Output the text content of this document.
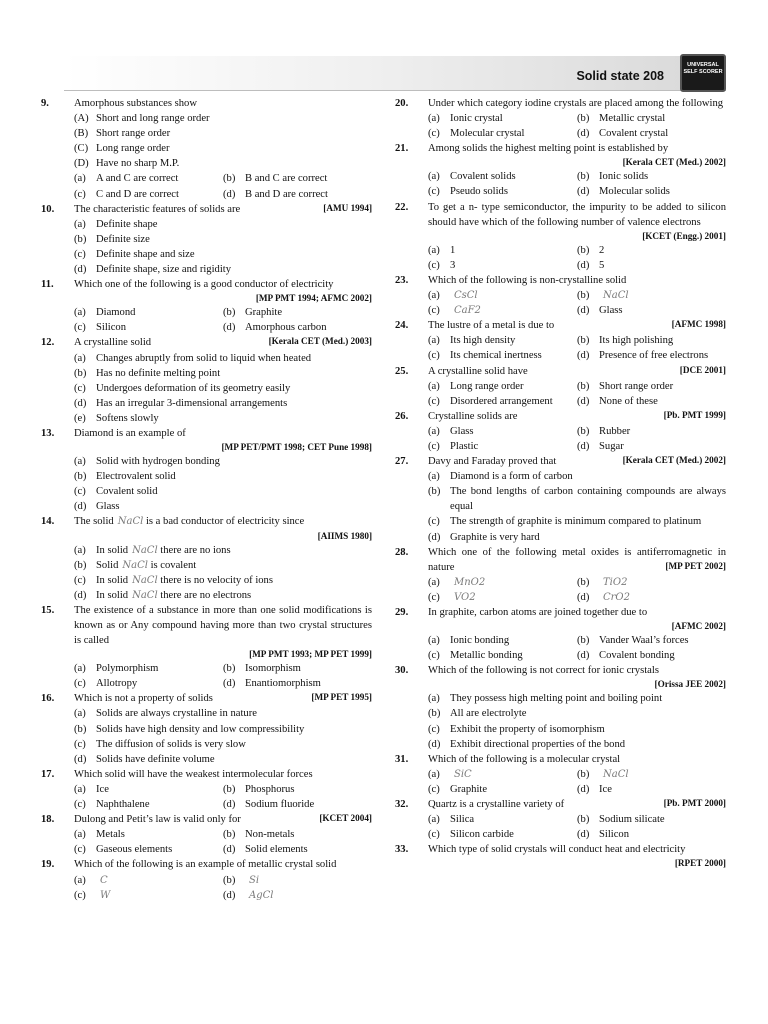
Solid state 208
UNIVERSAL SELF SCORER
9.	Amorphous substances show
(A) Short and long range order
(B) Short range order
(C) Long range order
(D) Have no sharp M.P.
(a) A and C are correct	(b) B and C are correct
(c) C and D are correct	(d) B and D are correct
10.	The characteristic features of solids are	[AMU 1994]
(a) Definite shape
(b) Definite size
(c) Definite shape and size
(d) Definite shape, size and rigidity
11.	Which one of the following is a good conductor of electricity
[MP PMT 1994; AFMC 2002]
(a) Diamond	(b) Graphite
(c) Silicon	(d) Amorphous carbon
12.	A crystalline solid	[Kerala CET (Med.) 2003]
(a) Changes abruptly from solid to liquid when heated
(b) Has no definite melting point
(c) Undergoes deformation of its geometry easily
(d) Has an irregular 3-dimensional arrangements
(e) Softens slowly
13.	Diamond is an example of
[MP PET/PMT 1998; CET Pune 1998]
(a) Solid with hydrogen bonding
(b) Electrovalent solid
(c) Covalent solid
(d) Glass
14.	The solid NaCl is a bad conductor of electricity since
[AIIMS 1980]
(a) In solid NaCl there are no ions
(b) Solid NaCl is covalent
(c) In solid NaCl there is no velocity of ions
(d) In solid NaCl there are no electrons
15.	The existence of a substance in more than one solid modifications is known as or Any compound having more than two crystal structures is called
[MP PMT 1993; MP PET 1999]
(a) Polymorphism	(b) Isomorphism
(c) Allotropy	(d) Enantiomorphism
16.	Which is not a property of solids	[MP PET 1995]
(a) Solids are always crystalline in nature
(b) Solids have high density and low compressibility
(c) The diffusion of solids is very slow
(d) Solids have definite volume
17.	Which solid will have the weakest intermolecular forces
(a) Ice	(b) Phosphorus
(c) Naphthalene	(d) Sodium fluoride
18.	Dulong and Petit’s law is valid only for	[KCET 2004]
(a) Metals	(b) Non-metals
(c) Gaseous elements	(d) Solid elements
19.	Which of the following is an example of metallic crystal solid
(a)	C	(b)	Si
(c)	W	(d)	AgCl
20.	Under which category iodine crystals are placed among the following
(a) Ionic crystal	(b) Metallic crystal
(c) Molecular crystal	(d) Covalent crystal
21.	Among solids the highest melting point is established by
[Kerala CET (Med.) 2002]
(a) Covalent solids	(b) Ionic solids
(c) Pseudo solids	(d) Molecular solids
22.	To get a n- type semiconductor, the impurity to be added to silicon should have which of the following number of valence electrons
[KCET (Engg.) 2001]
(a) 1	(b) 2
(c) 3	(d) 5
23.	Which of the following is non-crystalline solid
(a)	CsCl	(b)	NaCl
(c)	CaF2	(d) Glass
24.	The lustre of a metal is due to	[AFMC 1998]
(a) Its high density	(b) Its high polishing
(c) Its chemical inertness	(d) Presence of free electrons
25.	A crystalline solid have	[DCE 2001]
(a) Long range order	(b) Short range order
(c) Disordered arrangement (d) None of these
26.	Crystalline solids are	[Pb. PMT 1999]
(a) Glass	(b) Rubber
(c) Plastic	(d) Sugar
27.	Davy and Faraday proved that	[Kerala CET (Med.) 2002]
(a) Diamond is a form of carbon
(b) The bond lengths of carbon containing compounds are always equal
(c) The strength of graphite is minimum compared to platinum
(d) Graphite is very hard
28.	Which one of the following metal oxides is antiferromagnetic in nature	[MP PET 2002]
(a)	MnO2	(b)	TiO2
(c)	VO2	(d)	CrO2
29.	In graphite, carbon atoms are joined together due to
[AFMC 2002]
(a) Ionic bonding	(b) Vander Waal’s forces
(c) Metallic bonding	(d) Covalent bonding
30.	Which of the following is not correct for ionic crystals
[Orissa JEE 2002]
(a) They possess high melting point and boiling point
(b) All are electrolyte
(c) Exhibit the property of isomorphism
(d) Exhibit directional properties of the bond
31.	Which of the following is a molecular crystal
(a)	SiC	(b)	NaCl
(c) Graphite	(d) Ice
32.	Quartz is a crystalline variety of	[Pb. PMT 2000]
(a) Silica	(b) Sodium silicate
(c) Silicon carbide	(d) Silicon
33.	Which type of solid crystals will conduct heat and electricity
[RPET 2000]
